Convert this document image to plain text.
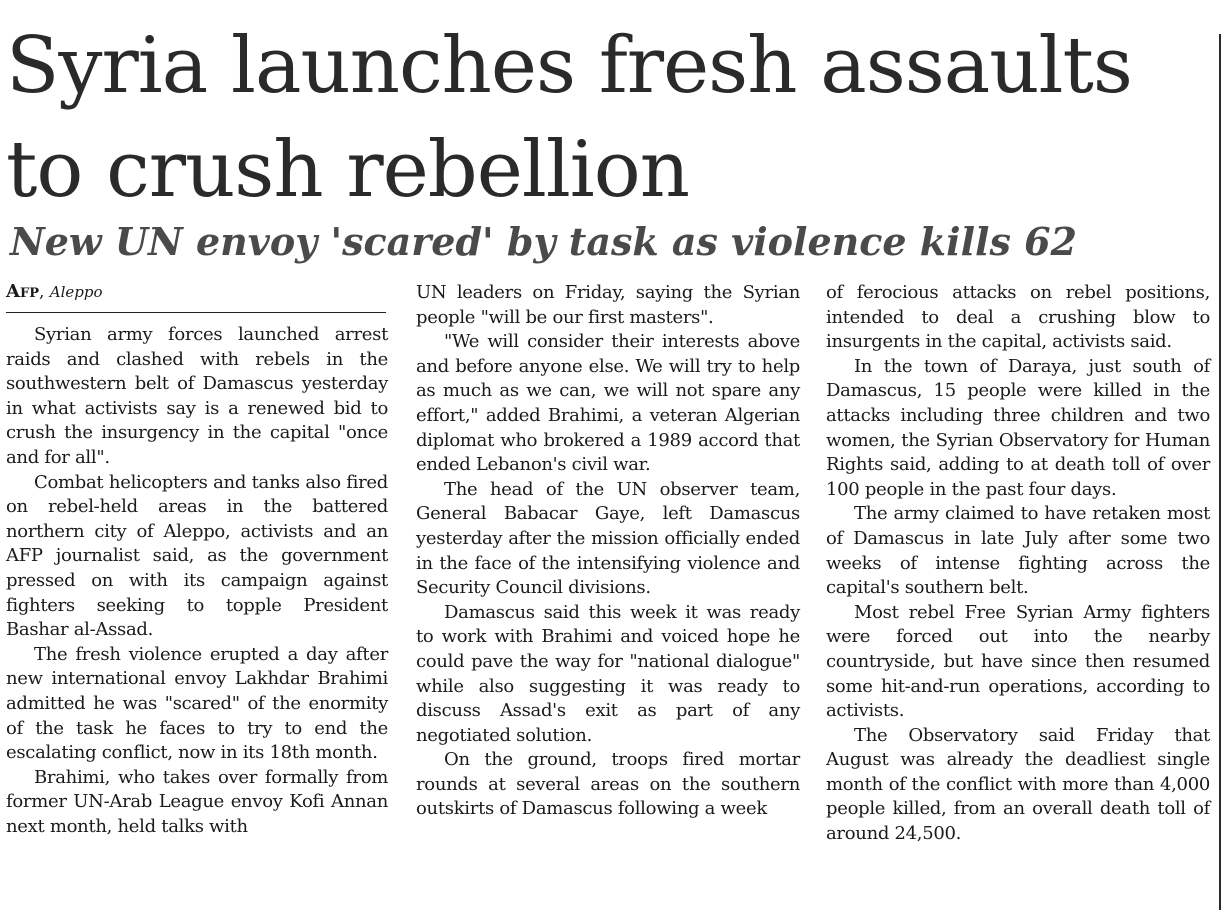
Syria launches fresh assaults to crush rebellion
New UN envoy 'scared' by task as violence kills 62
Afp, Aleppo

Syrian army forces launched arrest raids and clashed with rebels in the southwestern belt of Damascus yesterday in what activists say is a renewed bid to crush the insurgency in the capital "once and for all".

Combat helicopters and tanks also fired on rebel-held areas in the battered northern city of Aleppo, activists and an AFP journalist said, as the government pressed on with its campaign against fighters seeking to topple President Bashar al-Assad.

The fresh violence erupted a day after new international envoy Lakhdar Brahimi admitted he was "scared" of the enormity of the task he faces to try to end the escalating conflict, now in its 18th month.

Brahimi, who takes over formally from former UN-Arab League envoy Kofi Annan next month, held talks with

UN leaders on Friday, saying the Syrian people "will be our first masters".

"We will consider their interests above and before anyone else. We will try to help as much as we can, we will not spare any effort," added Brahimi, a veteran Algerian diplomat who brokered a 1989 accord that ended Lebanon's civil war.

The head of the UN observer team, General Babacar Gaye, left Damascus yesterday after the mission officially ended in the face of the intensifying violence and Security Council divisions.

Damascus said this week it was ready to work with Brahimi and voiced hope he could pave the way for "national dialogue" while also suggesting it was ready to discuss Assad's exit as part of any negotiated solution.

On the ground, troops fired mortar rounds at several areas on the southern outskirts of Damascus following a week

of ferocious attacks on rebel positions, intended to deal a crushing blow to insurgents in the capital, activists said.

In the town of Daraya, just south of Damascus, 15 people were killed in the attacks including three children and two women, the Syrian Observatory for Human Rights said, adding to at death toll of over 100 people in the past four days.

The army claimed to have retaken most of Damascus in late July after some two weeks of intense fighting across the capital's southern belt.

Most rebel Free Syrian Army fighters were forced out into the nearby countryside, but have since then resumed some hit-and-run operations, according to activists.

The Observatory said Friday that August was already the deadliest single month of the conflict with more than 4,000 people killed, from an overall death toll of around 24,500.
